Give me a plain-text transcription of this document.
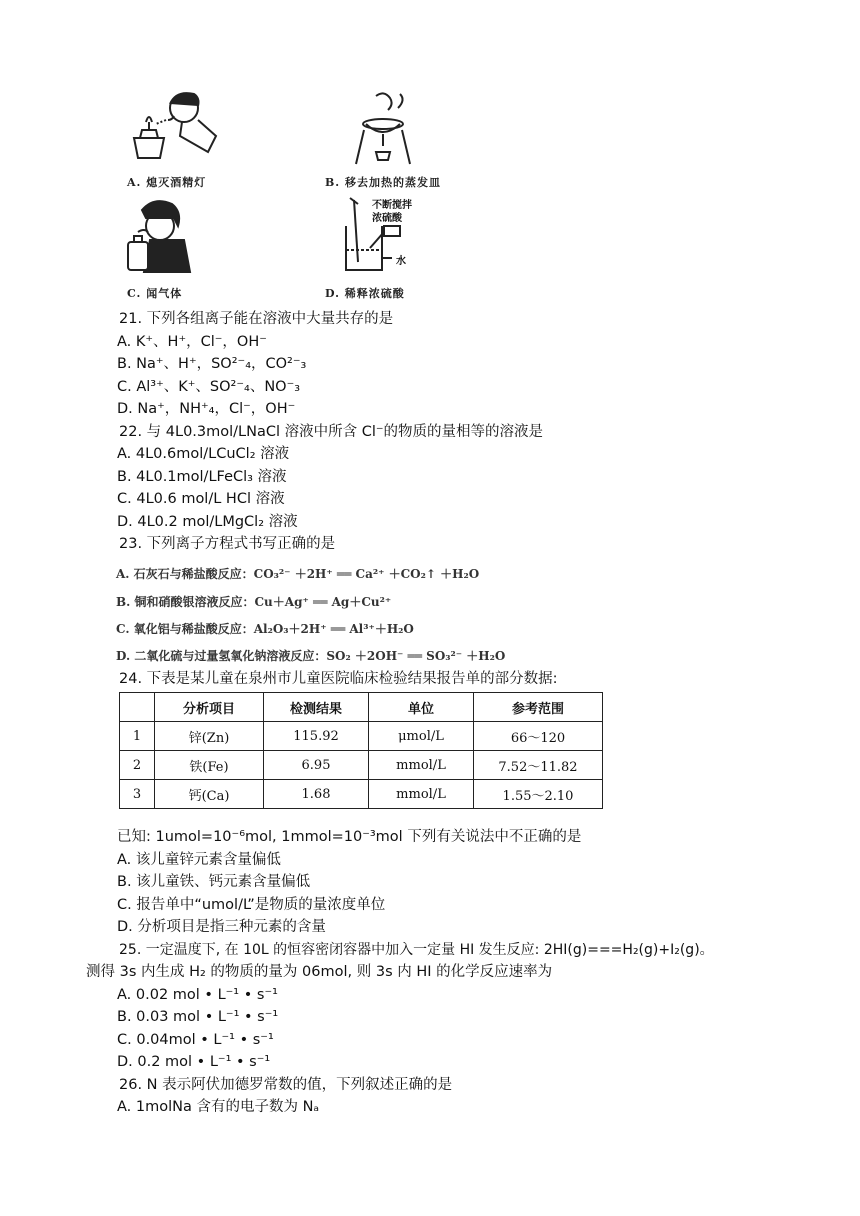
A. 熄灭酒精灯	B. 移去加热的蒸发皿
C. 闻气体
不断搅拌
浓硫酸
水
D. 稀释浓硫酸
21. 下列各组离子能在溶液中大量共存的是
A. K⁺、H⁺，Cl⁻，OH⁻
B. Na⁺、H⁺，SO²⁻₄，CO²⁻₃
C. Al³⁺、K⁺、SO²⁻₄、NO⁻₃
D. Na⁺，NH⁺₄，Cl⁻，OH⁻
22. 与 4L0.3mol/LNaCl 溶液中所含 Cl⁻的物质的量相等的溶液是
A. 4L0.6mol/LCuCl₂ 溶液
B. 4L0.1mol/LFeCl₃ 溶液
C. 4L0.6 mol/L HCl 溶液
D. 4L0.2 mol/LMgCl₂ 溶液
23. 下列离子方程式书写正确的是
A. 石灰石与稀盐酸反应：CO₃²⁻ ＋2H⁺ ══ Ca²⁺ ＋CO₂↑ ＋H₂O
B. 铜和硝酸银溶液反应：Cu＋Ag⁺ ══ Ag＋Cu²⁺
C. 氧化铝与稀盐酸反应：Al₂O₃＋2H⁺ ══ Al³⁺＋H₂O
D. 二氧化硫与过量氢氧化钠溶液反应：SO₂ ＋2OH⁻ ══ SO₃²⁻ ＋H₂O
24. 下表是某儿童在泉州市儿童医院临床检验结果报告单的部分数据:
	分析项目	检测结果	单位	参考范围
1	锌(Zn)	115.92	μmol/L	66～120
2	铁(Fe)	6.95	mmol/L	7.52～11.82
3	钙(Ca)	1.68	mmol/L	1.55～2.10
已知: 1umol=10⁻⁶mol, 1mmol=10⁻³mol 下列有关说法中不正确的是
A. 该儿童锌元素含量偏低
B. 该儿童铁、钙元素含量偏低
C. 报告单中“umol/L”是物质的量浓度单位
D. 分析项目是指三种元素的含量
25. 一定温度下, 在 10L 的恒容密闭容器中加入一定量 HI 发生反应: 2HI(g)===H₂(g)+I₂(g)。
测得 3s 内生成 H₂ 的物质的量为 06mol, 则 3s 内 HI 的化学反应速率为
A. 0.02 mol • L⁻¹ • s⁻¹
B. 0.03 mol • L⁻¹ • s⁻¹
C. 0.04mol • L⁻¹ • s⁻¹
D. 0.2 mol • L⁻¹ • s⁻¹
26. N 表示阿伏加德罗常数的值，下列叙述正确的是
A. 1molNa 含有的电子数为 Nₐ
